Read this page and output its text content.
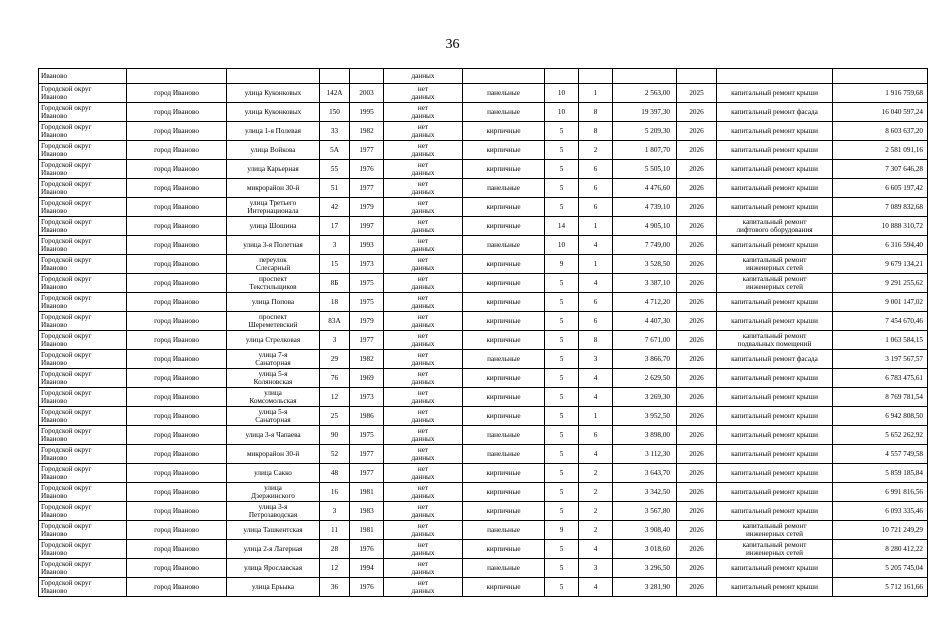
36
Иваново					данных							
Городской округ
Иваново	город Иваново	улица Куконковых	142А	2003	нет
данных	панельные	10	1	2 563,00	2025	капитальный ремонт крыши	1 916 759,68
Городской округ
Иваново	город Иваново	улица Куконковых	150	1995	нет
данных	панельные	10	8	19 397,30	2026	капитальный ремонт фасада	16 040 597,24
Городской округ
Иваново	город Иваново	улица 1-я Полевая	33	1982	нет
данных	кирпичные	5	8	5 209,30	2026	капитальный ремонт крыши	8 603 637,20
Городской округ
Иваново	город Иваново	улица Войкова	5А	1977	нет
данных	кирпичные	5	2	1 807,70	2026	капитальный ремонт крыши	2 581 091,16
Городской округ
Иваново	город Иваново	улица Карьерная	55	1976	нет
данных	кирпичные	5	6	5 505,10	2026	капитальный ремонт крыши	7 307 646,28
Городской округ
Иваново	город Иваново	микрорайон 30-й	51	1977	нет
данных	панельные	5	6	4 476,60	2026	капитальный ремонт крыши	6 605 197,42
Городской округ
Иваново	город Иваново	улица Третьего
Интернационала	42	1979	нет
данных	кирпичные	5	6	4 739,10	2026	капитальный ремонт крыши	7 089 832,68
Городской округ
Иваново	город Иваново	улица Шошина	17	1997	нет
данных	кирпичные	14	1	4 905,10	2026	капитальный ремонт
лифтового оборудования	10 888 310,72
Городской округ
Иваново	город Иваново	улица 3-я Полетная	3	1993	нет
данных	панельные	10	4	7 749,00	2026	капитальный ремонт крыши	6 316 594,40
Городской округ
Иваново	город Иваново	переулок
Слесарный	15	1973	нет
данных	кирпичные	9	1	3 528,50	2026	капитальный ремонт
инженерных сетей	9 679 134,21
Городской округ
Иваново	город Иваново	проспект
Текстильщиков	8Б	1975	нет
данных	кирпичные	5	4	3 387,10	2026	капитальный ремонт
инженерных сетей	9 291 255,62
Городской округ
Иваново	город Иваново	улица Попова	18	1975	нет
данных	кирпичные	5	6	4 712,20	2026	капитальный ремонт крыши	9 001 147,02
Городской округ
Иваново	город Иваново	проспект
Шереметевский	83А	1979	нет
данных	кирпичные	5	6	4 407,30	2026	капитальный ремонт крыши	7 454 670,46
Городской округ
Иваново	город Иваново	улица Стрелковая	3	1977	нет
данных	кирпичные	5	8	7 671,00	2026	капитальный ремонт
подвальных помещений	1 063 584,15
Городской округ
Иваново	город Иваново	улица 7-я
Санаторная	29	1982	нет
данных	панельные	5	3	3 866,70	2026	капитальный ремонт фасада	3 197 567,57
Городской округ
Иваново	город Иваново	улица 5-я
Коляновская	76	1969	нет
данных	кирпичные	5	4	2 629,50	2026	капитальный ремонт крыши	6 783 475,61
Городской округ
Иваново	город Иваново	улица
Комсомольская	12	1973	нет
данных	кирпичные	5	4	3 269,30	2026	капитальный ремонт крыши	8 769 781,54
Городской округ
Иваново	город Иваново	улица 5-я
Санаторная	25	1986	нет
данных	кирпичные	5	1	3 952,50	2026	капитальный ремонт крыши	6 942 808,50
Городской округ
Иваново	город Иваново	улица 3-я Чапаева	90	1975	нет
данных	панельные	5	6	3 898,00	2026	капитальный ремонт крыши	5 652 262,92
Городской округ
Иваново	город Иваново	микрорайон 30-й	52	1977	нет
данных	панельные	5	4	3 112,30	2026	капитальный ремонт крыши	4 557 749,58
Городской округ
Иваново	город Иваново	улица Сакко	48	1977	нет
данных	кирпичные	5	2	3 643,70	2026	капитальный ремонт крыши	5 859 185,84
Городской округ
Иваново	город Иваново	улица
Дзержинского	16	1981	нет
данных	кирпичные	5	2	3 342,50	2026	капитальный ремонт крыши	6 991 816,56
Городской округ
Иваново	город Иваново	улица 3-я
Петрозаводская	3	1983	нет
данных	кирпичные	5	2	3 567,80	2026	капитальный ремонт крыши	6 093 335,46
Городской округ
Иваново	город Иваново	улица Ташкентская	11	1981	нет
данных	панельные	9	2	3 908,40	2026	капитальный ремонт
инженерных сетей	10 721 249,29
Городской округ
Иваново	город Иваново	улица 2-я Лагерная	28	1976	нет
данных	кирпичные	5	4	3 018,60	2026	капитальный ремонт
инженерных сетей	8 280 412,22
Городской округ
Иваново	город Иваново	улица Ярославская	12	1994	нет
данных	панельные	5	3	3 296,50	2026	капитальный ремонт крыши	5 205 745,04
Городской округ
Иваново	город Иваново	улица Ерьыка	36	1976	нет
данных	кирпичные	5	4	3 281,90	2026	капитальный ремонт крыши	5 712 161,66
